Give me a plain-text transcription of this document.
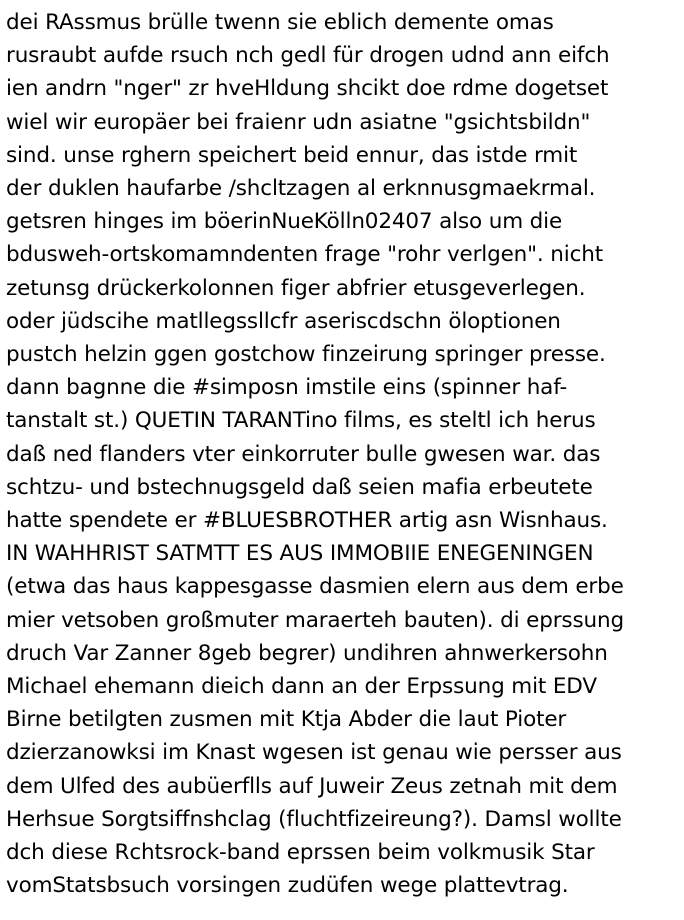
dei RAssmus brülle twenn sie eblich demente omas
rusraubt aufde rsuch nch gedl für drogen udnd ann eifch
ien andrn "nger" zr hveHldung shcikt doe rdme dogetset
wiel wir europäer bei fraienr udn asiatne "gsichtsbildn"
sind. unse rghern speichert beid ennur, das istde rmit
der duklen haufarbe /shcltzagen al erknnusgmaekrmal.
getsren hinges im böerinNueKölln02407 also um die
bdusweh-ortskomamndenten frage "rohr verlgen". nicht
zetunsg drückerkolonnen figer abfrier etusgeverlegen.
oder jüdscihe matllegssllcfr aseriscdschn öloptionen
pustch helzin ggen gostchow finzeirung springer presse.
dann bagnne die #simposn imstile eins (spinner haf-
tanstalt st.) QUETIN TARANTino films, es steltl ich herus
daß ned flanders vter einkorruter bulle gwesen war. das
schtzu- und bstechnugsgeld daß seien mafia erbeutete
hatte spendete er #BLUESBROTHER artig asn Wisnhaus.
IN WAHHRIST SATMTT ES AUS IMMOBIIE ENEGENINGEN
(etwa das haus kappesgasse dasmien elern aus dem erbe
mier vetsoben großmuter maraerteh bauten). di eprssung
druch Var Zanner 8geb begrer) undihren ahnwerkersohn
Michael ehemann dieich dann an der Erpssung mit EDV
Birne betilgten zusmen mit Ktja Abder die laut Pioter
dzierzanowksi im Knast wgesen ist genau wie persser aus
dem Ulfed des aubüerflls auf Juweir Zeus zetnah mit dem
Herhsue Sorgtsiffnshclag (fluchtfizeireung?). Damsl wollte
dch diese Rchtsrock-band eprssen beim volkmusik Star
vomStatsbsuch vorsingen zudüfen wege plattevtrag.
